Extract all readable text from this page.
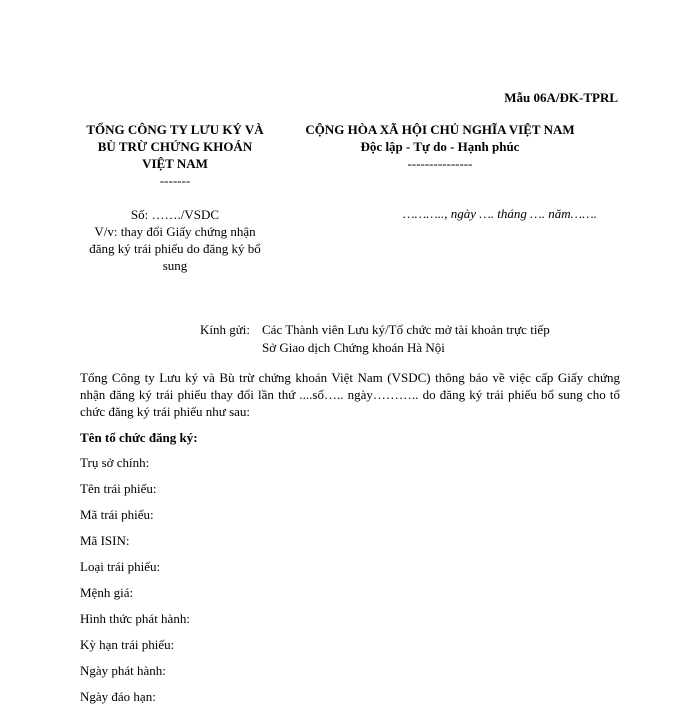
Mẫu 06A/ĐK-TPRL
TỔNG CÔNG TY LƯU KÝ VÀ
BÙ TRỪ CHỨNG KHOÁN
VIỆT NAM
-------
CỘNG HÒA XÃ HỘI CHỦ NGHĨA VIỆT NAM
Độc lập - Tự do - Hạnh phúc
---------------
Số: ……./VSDC
V/v: thay đổi Giấy chứng nhận
đăng ký trái phiếu do đăng ký bổ
sung
……….., ngày …. tháng …. năm…….
Kính gửi: Các Thành viên Lưu ký/Tổ chức mở tài khoản trực tiếp
Sở Giao dịch Chứng khoán Hà Nội
Tổng Công ty Lưu ký và Bù trừ chứng khoán Việt Nam (VSDC) thông báo về việc cấp Giấy chứng nhận đăng ký trái phiếu thay đổi lần thứ ....số….. ngày……….. do đăng ký trái phiếu bổ sung cho tổ chức đăng ký trái phiếu như sau:
Tên tổ chức đăng ký:
Trụ sở chính:
Tên trái phiếu:
Mã trái phiếu:
Mã ISIN:
Loại trái phiếu:
Mệnh giá:
Hình thức phát hành:
Kỳ hạn trái phiếu:
Ngày phát hành:
Ngày đáo hạn:
